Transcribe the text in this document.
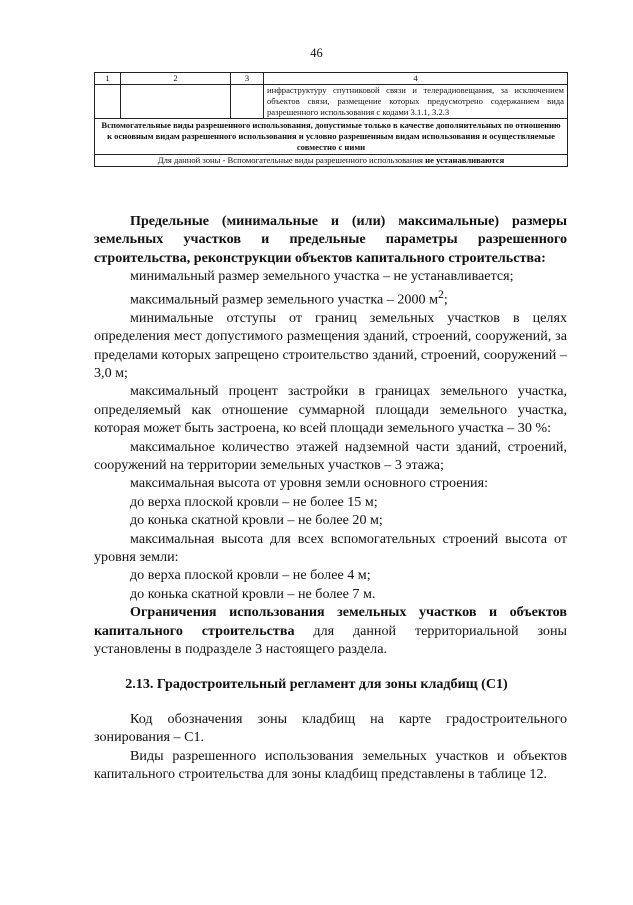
46
1	2	3	4
			инфраструктуру спутниковой связи и телерадиовещания, за исключением объектов связи, размещение которых предусмотрено содержанием вида разрешенного использования с кодами 3.1.1, 3.2.3
Вспомогательные виды разрешенного использования, допустимые только в качестве дополнительных по отношению к основным видам разрешенного использования и условно разрешенным видам использования и осуществляемые совместно с ними			
Для данной зоны - Вспомогательные виды разрешенного использования не устанавливаются			

Предельные (минимальные и (или) максимальные) размеры земельных участков и предельные параметры разрешенного строительства, реконструкции объектов капитального строительства:

минимальный размер земельного участка – не устанавливается;

максимальный размер земельного участка – 2000 $м^2$;

минимальные отступы от границ земельных участков в целях определения мест допустимого размещения зданий, строений, сооружений, за пределами которых запрещено строительство зданий, строений, сооружений – 3,0 м;

максимальный процент застройки в границах земельного участка, определяемый как отношение суммарной площади земельного участка, которая может быть застроена, ко всей площади земельного участка – 30 %:

максимальное количество этажей надземной части зданий, строений, сооружений на территории земельных участков – 3 этажа;

максимальная высота от уровня земли основного строения:

до верха плоской кровли – не более 15 м;

до конька скатной кровли – не более 20 м;

максимальная высота для всех вспомогательных строений высота от уровня земли:

до верха плоской кровли – не более 4 м;

до конька скатной кровли – не более 7 м.

Ограничения использования земельных участков и объектов капитального строительства для данной территориальной зоны установлены в подразделе 3 настоящего раздела.

2.13. Градостроительный регламент для зоны кладбищ (С1)

Код обозначения зоны кладбищ на карте градостроительного зонирования – С1.

Виды разрешенного использования земельных участков и объектов капитального строительства для зоны кладбищ представлены в таблице 12.
